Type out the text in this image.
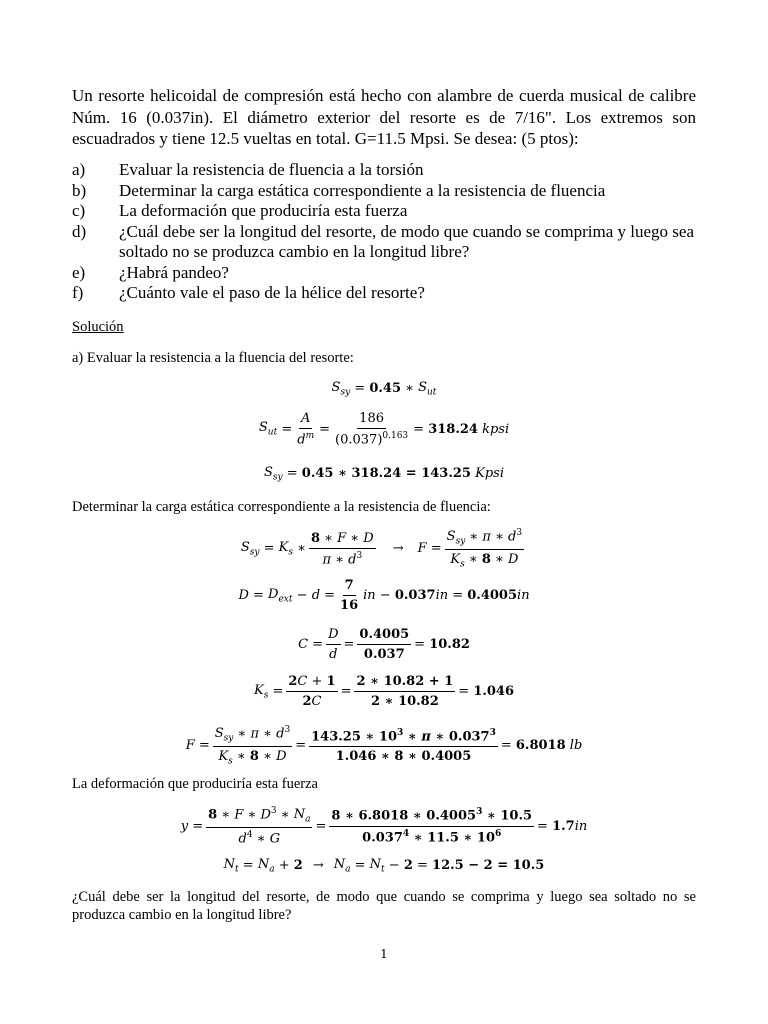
Un resorte helicoidal de compresión está hecho con alambre de cuerda musical de calibre Núm. 16 (0.037in). El diámetro exterior del resorte es de 7/16". Los extremos son escuadrados y tiene 12.5 vueltas en total. G=11.5 Mpsi. Se desea: (5 ptos):
a)	Evaluar la resistencia de fluencia a la torsión
b)	Determinar la carga estática correspondiente a la resistencia de fluencia
c)	La deformación que produciría esta fuerza
d)	¿Cuál debe ser la longitud del resorte, de modo que cuando se comprima y luego sea soltado no se produzca cambio en la longitud libre?
e)	¿Habrá pandeo?
f)	¿Cuánto vale el paso de la hélice del resorte?
Solución
a) Evaluar la resistencia a la fluencia del resorte:
$S_{sy} = 0.45$ ∗ $S_{ut}$
$S_{ut} = \frac{A}{d^m} = \frac{186}{(0.037)^{0.163}} = 318.24$
kpsi
$S_{sy} = 0.45$ ∗ 318.24 = 143.25
Kpsi
Determinar la carga estática correspondiente a la resistencia de fluencia:
$S_{sy} = K_s$ ∗ $\frac{8 ∗ F ∗ D}{\pi ∗ d^3} \to F = \frac{S_{sy} ∗ \pi ∗ d^3}{K_s ∗ 8 ∗ D}$
$D = D_{ext} - d = \frac{7}{16}$ in − 0.037 in = 0.4005 in
$C = \frac{D}{d} = \frac{0.4005}{0.037} = 10.82$
$K_s = \frac{2C + 1}{2C} = \frac{2 ∗ 10.82 + 1}{2 ∗ 10.82} = 1.046$
$F = \frac{S_{sy} ∗ \pi ∗ d^3}{K_s ∗ 8 ∗ D} = \frac{143.25 ∗ 10^3 ∗ \pi ∗ 0.037^3}{1.046 ∗ 8 ∗ 0.4005} = 6.8018$
lb
La deformación que produciría esta fuerza
$y = \frac{8 ∗ F ∗ D^3 ∗ N_a}{d^4 ∗ G} = \frac{8 ∗ 6.8018 ∗ 0.4005^3 ∗ 10.5}{0.037^4 ∗ 11.5 ∗ 10^6} = 1.7$ in
$N_t = N_a + 2 \to N_a = N_t - 2 = 12.5 - 2 = 10.5$
¿Cuál debe ser la longitud del resorte, de modo que cuando se comprima y luego sea soltado no se produzca cambio en la longitud libre?
1
